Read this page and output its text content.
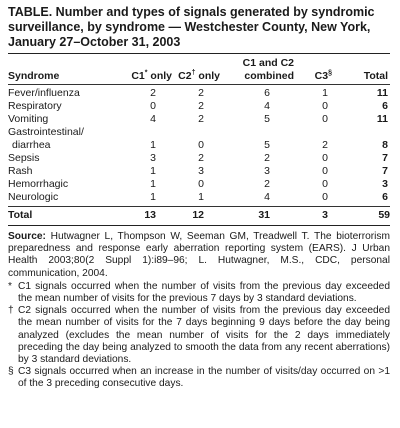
TABLE. Number and types of signals generated by syndromic surveillance, by syndrome — Westchester County, New York, January 27–October 31, 2003

			C1 and C2		
Syndrome	C1* only	C2† only	combined	C3§	Total
Fever/influenza	2	2	6	1	11
Respiratory	0	2	4	0	6
Vomiting	4	2	5	0	11
Gastrointestinal/					
diarrhea	1	0	5	2	8
Sepsis	3	2	2	0	7
Rash	1	3	3	0	7
Hemorrhagic	1	0	2	0	3
Neurologic	1	1	4	0	6
Total	13	12	31	3	59

Source: Hutwagner L, Thompson W, Seeman GM, Treadwell T. The bioterrorism preparedness and response early aberration reporting system (EARS). J Urban Health 2003;80(2 Suppl 1):i89–96; L. Hutwagner, M.S., CDC, personal communication, 2004.

* C1 signals occurred when the number of visits from the previous day exceeded the mean number of visits for the previous 7 days by 3 standard deviations.

† C2 signals occurred when the number of visits from the previous day exceeded the mean number of visits for the 7 days beginning 9 days before the day being analyzed (excludes the mean number of visits for the 2 days immediately preceding the day being analyzed to smooth the data from any recent aberrations) by 3 standard deviations.

§ C3 signals occurred when an increase in the number of visits/day occurred on >1 of the 3 preceding consecutive days.
